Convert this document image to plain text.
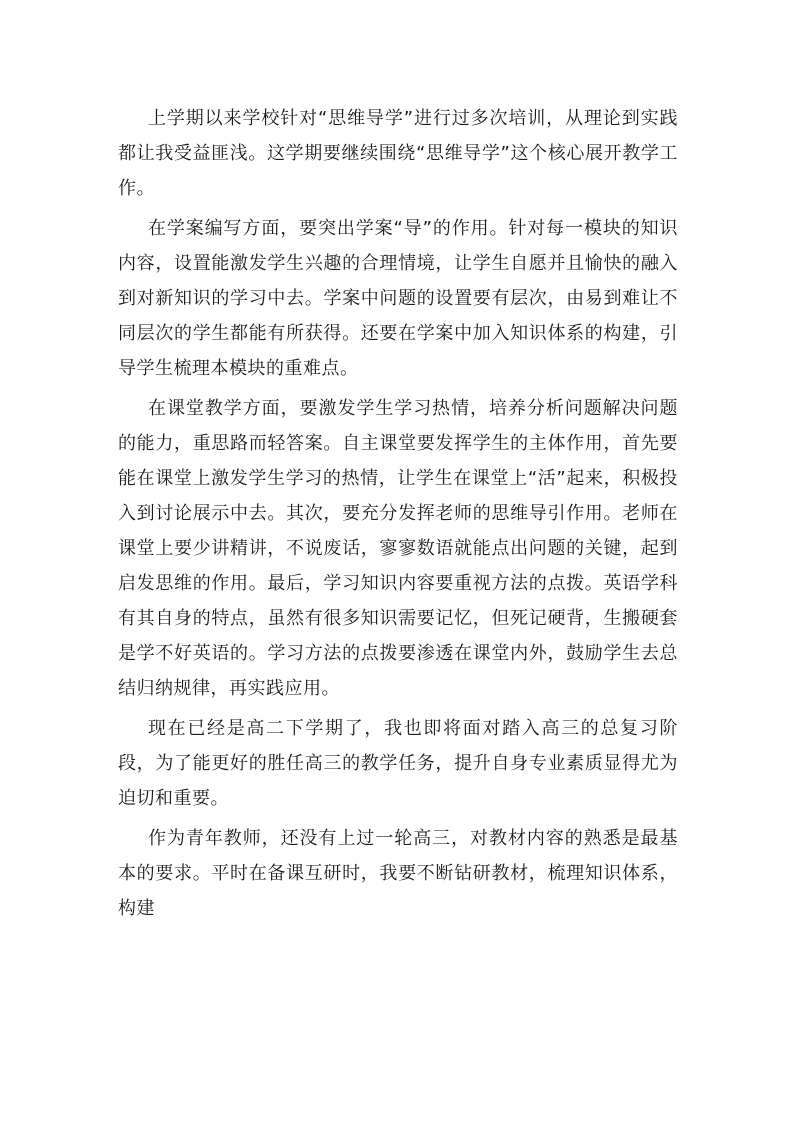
上学期以来学校针对“思维导学”进行过多次培训，从理论到实践都让我受益匪浅。这学期要继续围绕“思维导学”这个核心展开教学工作。

在学案编写方面，要突出学案“导”的作用。针对每一模块的知识内容，设置能激发学生兴趣的合理情境，让学生自愿并且愉快的融入到对新知识的学习中去。学案中问题的设置要有层次，由易到难让不同层次的学生都能有所获得。还要在学案中加入知识体系的构建，引导学生梳理本模块的重难点。

在课堂教学方面，要激发学生学习热情，培养分析问题解决问题的能力，重思路而轻答案。自主课堂要发挥学生的主体作用，首先要能在课堂上激发学生学习的热情，让学生在课堂上“活”起来，积极投入到讨论展示中去。其次，要充分发挥老师的思维导引作用。老师在课堂上要少讲精讲，不说废话，寥寥数语就能点出问题的关键，起到启发思维的作用。最后，学习知识内容要重视方法的点拨。英语学科有其自身的特点，虽然有很多知识需要记忆，但死记硬背，生搬硬套是学不好英语的。学习方法的点拨要渗透在课堂内外，鼓励学生去总结归纳规律，再实践应用。

现在已经是高二下学期了，我也即将面对踏入高三的总复习阶段，为了能更好的胜任高三的教学任务，提升自身专业素质显得尤为迫切和重要。

作为青年教师，还没有上过一轮高三，对教材内容的熟悉是最基本的要求。平时在备课互研时，我要不断钻研教材，梳理知识体系，构建
